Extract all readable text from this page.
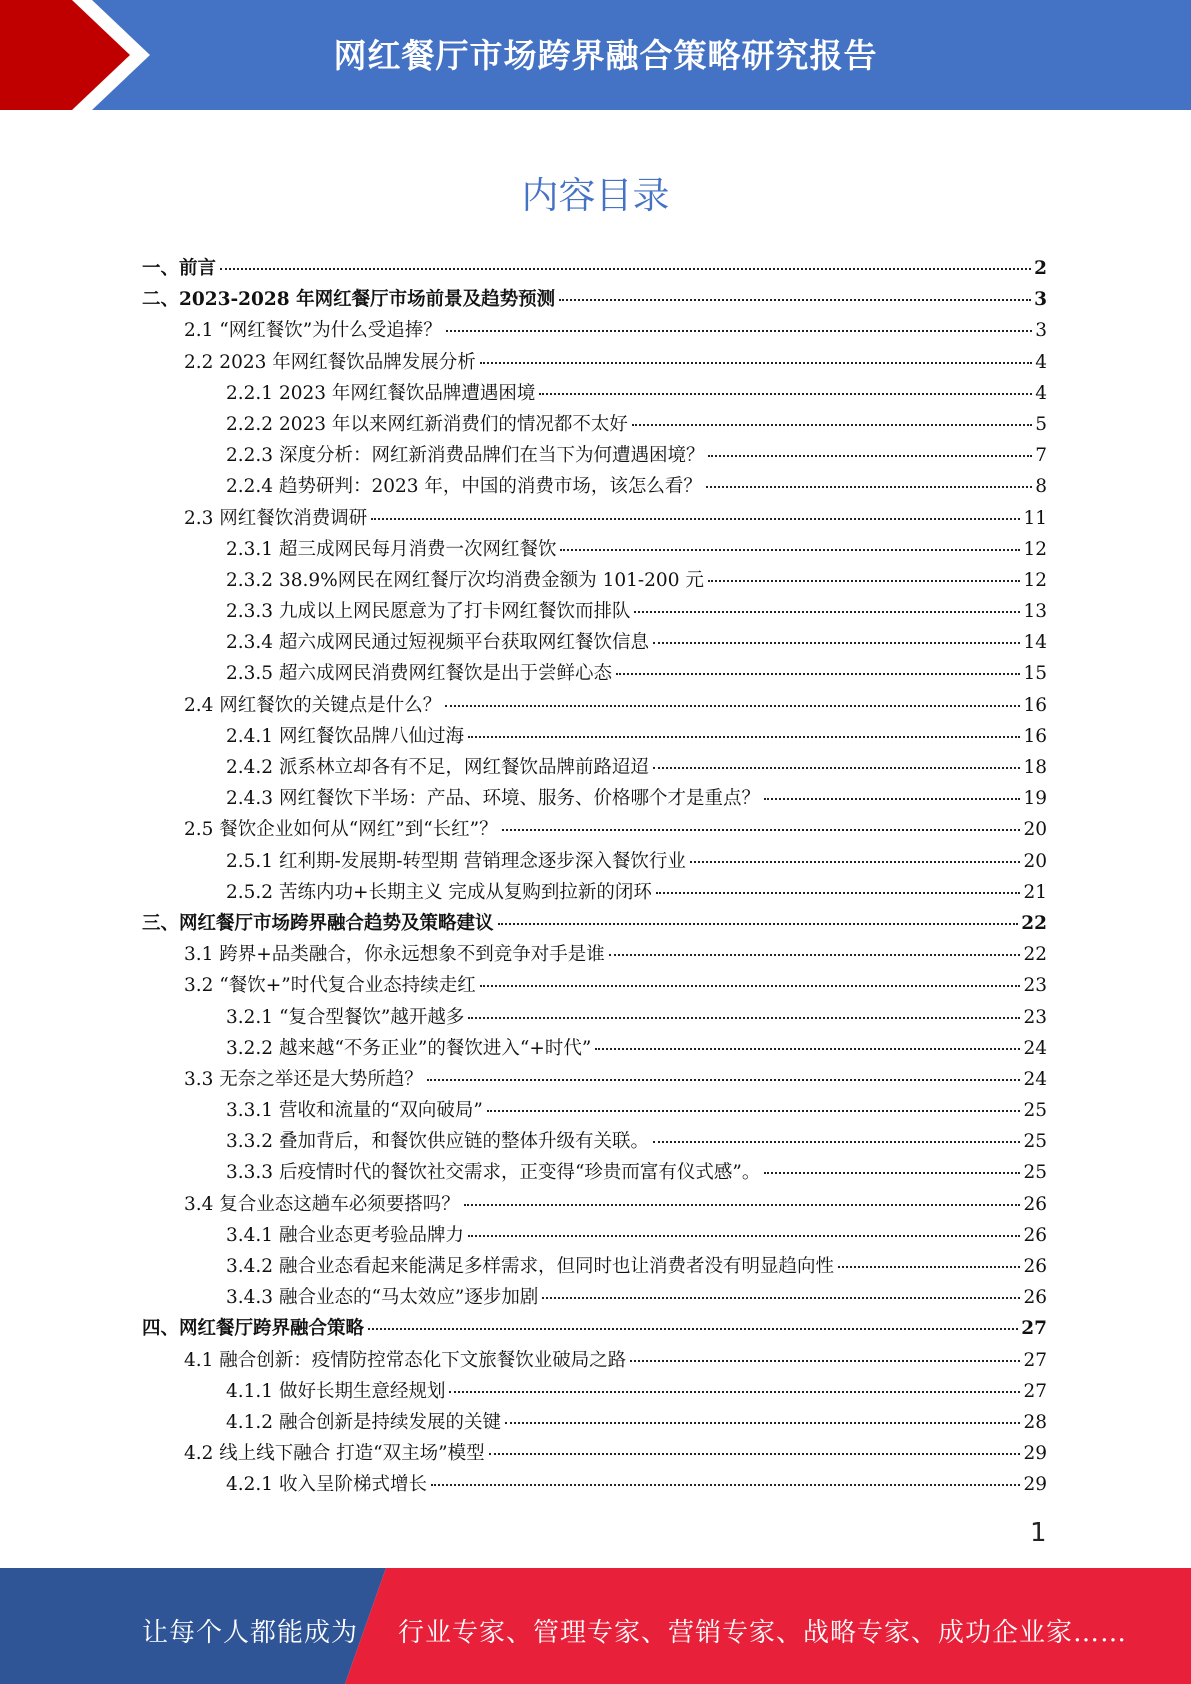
网红餐厅市场跨界融合策略研究报告
内容目录
一、前言	2
二、2023-2028 年网红餐厅市场前景及趋势预测	3
2.1 “网红餐饮”为什么受追捧？	3
2.2 2023 年网红餐饮品牌发展分析	4
2.2.1 2023 年网红餐饮品牌遭遇困境	4
2.2.2 2023 年以来网红新消费们的情况都不太好	5
2.2.3 深度分析：网红新消费品牌们在当下为何遭遇困境？	7
2.2.4 趋势研判：2023 年，中国的消费市场，该怎么看？	8
2.3 网红餐饮消费调研	11
2.3.1 超三成网民每月消费一次网红餐饮	12
2.3.2 38.9%网民在网红餐厅次均消费金额为 101-200 元	12
2.3.3 九成以上网民愿意为了打卡网红餐饮而排队	13
2.3.4 超六成网民通过短视频平台获取网红餐饮信息	14
2.3.5 超六成网民消费网红餐饮是出于尝鲜心态	15
2.4 网红餐饮的关键点是什么？	16
2.4.1 网红餐饮品牌八仙过海	16
2.4.2 派系林立却各有不足，网红餐饮品牌前路迢迢	18
2.4.3 网红餐饮下半场：产品、环境、服务、价格哪个才是重点？	19
2.5 餐饮企业如何从“网红”到“长红”？	20
2.5.1 红利期-发展期-转型期 营销理念逐步深入餐饮行业	20
2.5.2 苦练内功+长期主义 完成从复购到拉新的闭环	21
三、网红餐厅市场跨界融合趋势及策略建议	22
3.1 跨界+品类融合，你永远想象不到竞争对手是谁	22
3.2 “餐饮+”时代复合业态持续走红	23
3.2.1 “复合型餐饮”越开越多	23
3.2.2 越来越“不务正业”的餐饮进入“+时代”	24
3.3 无奈之举还是大势所趋？	24
3.3.1 营收和流量的“双向破局”	25
3.3.2 叠加背后，和餐饮供应链的整体升级有关联。	25
3.3.3 后疫情时代的餐饮社交需求，正变得“珍贵而富有仪式感”。	25
3.4 复合业态这趟车必须要搭吗？	26
3.4.1 融合业态更考验品牌力	26
3.4.2 融合业态看起来能满足多样需求，但同时也让消费者没有明显趋向性	26
3.4.3 融合业态的“马太效应”逐步加剧	26
四、网红餐厅跨界融合策略	27
4.1 融合创新：疫情防控常态化下文旅餐饮业破局之路	27
4.1.1 做好长期生意经规划	27
4.1.2 融合创新是持续发展的关键	28
4.2 线上线下融合 打造“双主场”模型	29
4.2.1 收入呈阶梯式增长	29
1
让每个人都能成为 行业专家、管理专家、营销专家、战略专家、成功企业家……
